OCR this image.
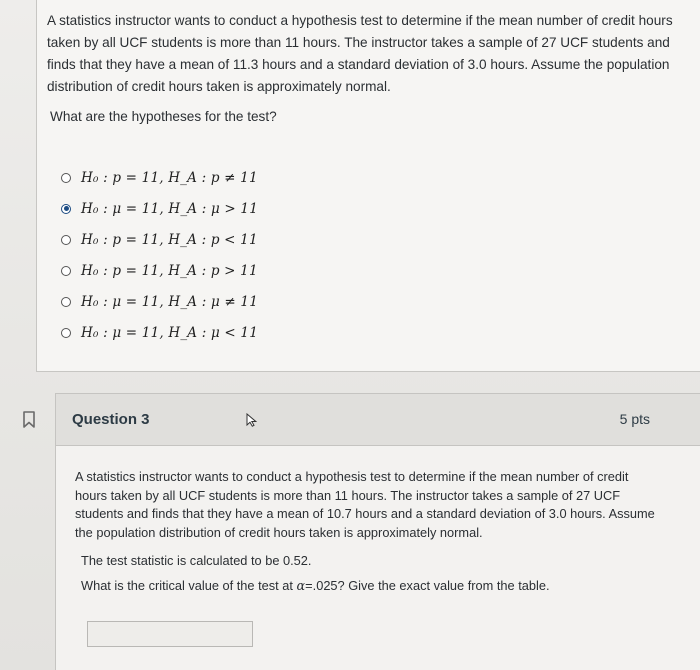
A statistics instructor wants to conduct a hypothesis test to determine if the mean number of credit hours taken by all UCF students is more than 11 hours. The instructor takes a sample of 27 UCF students and finds that they have a mean of 11.3 hours and a standard deviation of 3.0 hours. Assume the population distribution of credit hours taken is approximately normal.
What are the hypotheses for the test?
H₀ : p = 11, H_A : p ≠ 11
H₀ : μ = 11, H_A : μ > 11
H₀ : p = 11, H_A : p < 11
H₀ : p = 11, H_A : p > 11
H₀ : μ = 11, H_A : μ ≠ 11
H₀ : μ = 11, H_A : μ < 11
Question 3	5 pts
A statistics instructor wants to conduct a hypothesis test to determine if the mean number of credit hours taken by all UCF students is more than 11 hours. The instructor takes a sample of 27 UCF students and finds that they have a mean of 10.7 hours and a standard deviation of 3.0 hours. Assume the population distribution of credit hours taken is approximately normal.
The test statistic is calculated to be 0.52.
What is the critical value of the test at α=.025? Give the exact value from the table.
